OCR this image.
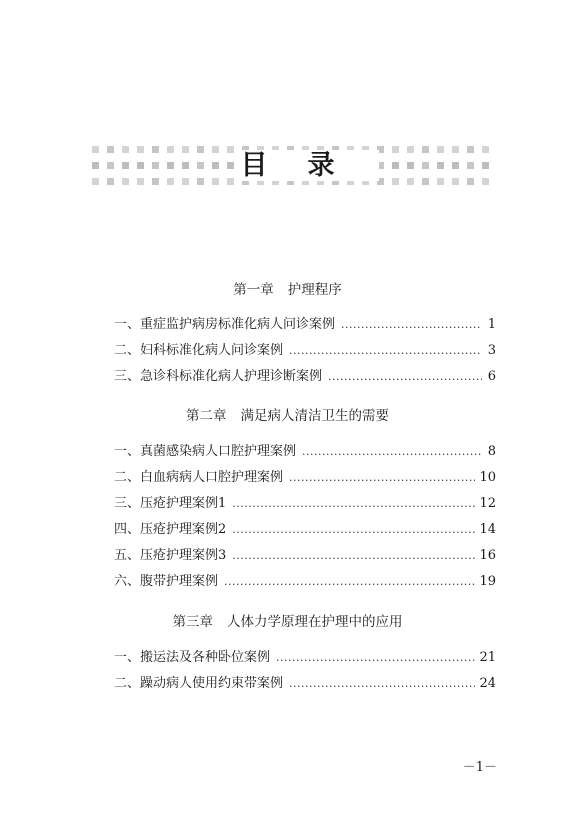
目录
第一章 护理程序
一、重症监护病房标准化病人问诊案例 .....	1
二、妇科标准化病人问诊案例 .....	3
三、急诊科标准化病人护理诊断案例 .....	6
第二章 满足病人清洁卫生的需要
一、真菌感染病人口腔护理案例 .....	8
二、白血病病人口腔护理案例 .....	10
三、压疮护理案例1 .....	12
四、压疮护理案例2 .....	14
五、压疮护理案例3 .....	16
六、腹带护理案例 .....	19
第三章 人体力学原理在护理中的应用
一、搬运法及各种卧位案例 .....	21
二、躁动病人使用约束带案例 .....	24
－1－
